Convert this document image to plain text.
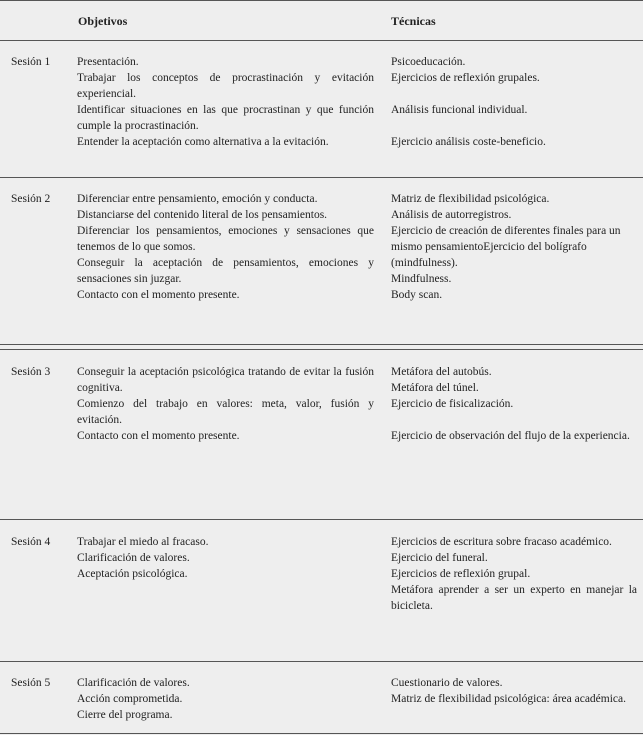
Objetivos	Técnicas
Sesión 1 Presentación.

Trabajar los conceptos de procrastinación y evitación experiencial.

Identificar situaciones en las que procrastinan y que función cumple la procrastinación.

Entender la aceptación como alternativa a la evitación.

Psicoeducación.

Ejercicios de reflexión grupales.

Análisis funcional individual.

Ejercicio análisis coste-beneficio.

Sesión 2 Diferenciar entre pensamiento, emoción y conducta.

Distanciarse del contenido literal de los pensamientos.

Diferenciar los pensamientos, emociones y sensaciones que tenemos de lo que somos.

Conseguir la aceptación de pensamientos, emociones y sensaciones sin juzgar.

Contacto con el momento presente.

Matriz de flexibilidad psicológica.

Análisis de autorregistros.

Ejercicio de creación de diferentes finales para un mismo pensamientoEjercicio del bolígrafo (mindfulness).

Mindfulness.

Body scan.

Sesión 3 Conseguir la aceptación psicológica tratando de evitar la fusión cognitiva.

Comienzo del trabajo en valores: meta, valor, fusión y evitación.

Contacto con el momento presente.

Metáfora del autobús.

Metáfora del túnel.

Ejercicio de fisicalización.

Ejercicio de observación del flujo de la experiencia.

Sesión 4 Trabajar el miedo al fracaso.

Clarificación de valores.

Aceptación psicológica.

Ejercicios de escritura sobre fracaso académico.

Ejercicio del funeral.

Ejercicios de reflexión grupal.

Metáfora aprender a ser un experto en manejar la bicicleta.

Sesión 5 Clarificación de valores.

Acción comprometida.

Cierre del programa.

Cuestionario de valores.

Matriz de flexibilidad psicológica: área académica.
